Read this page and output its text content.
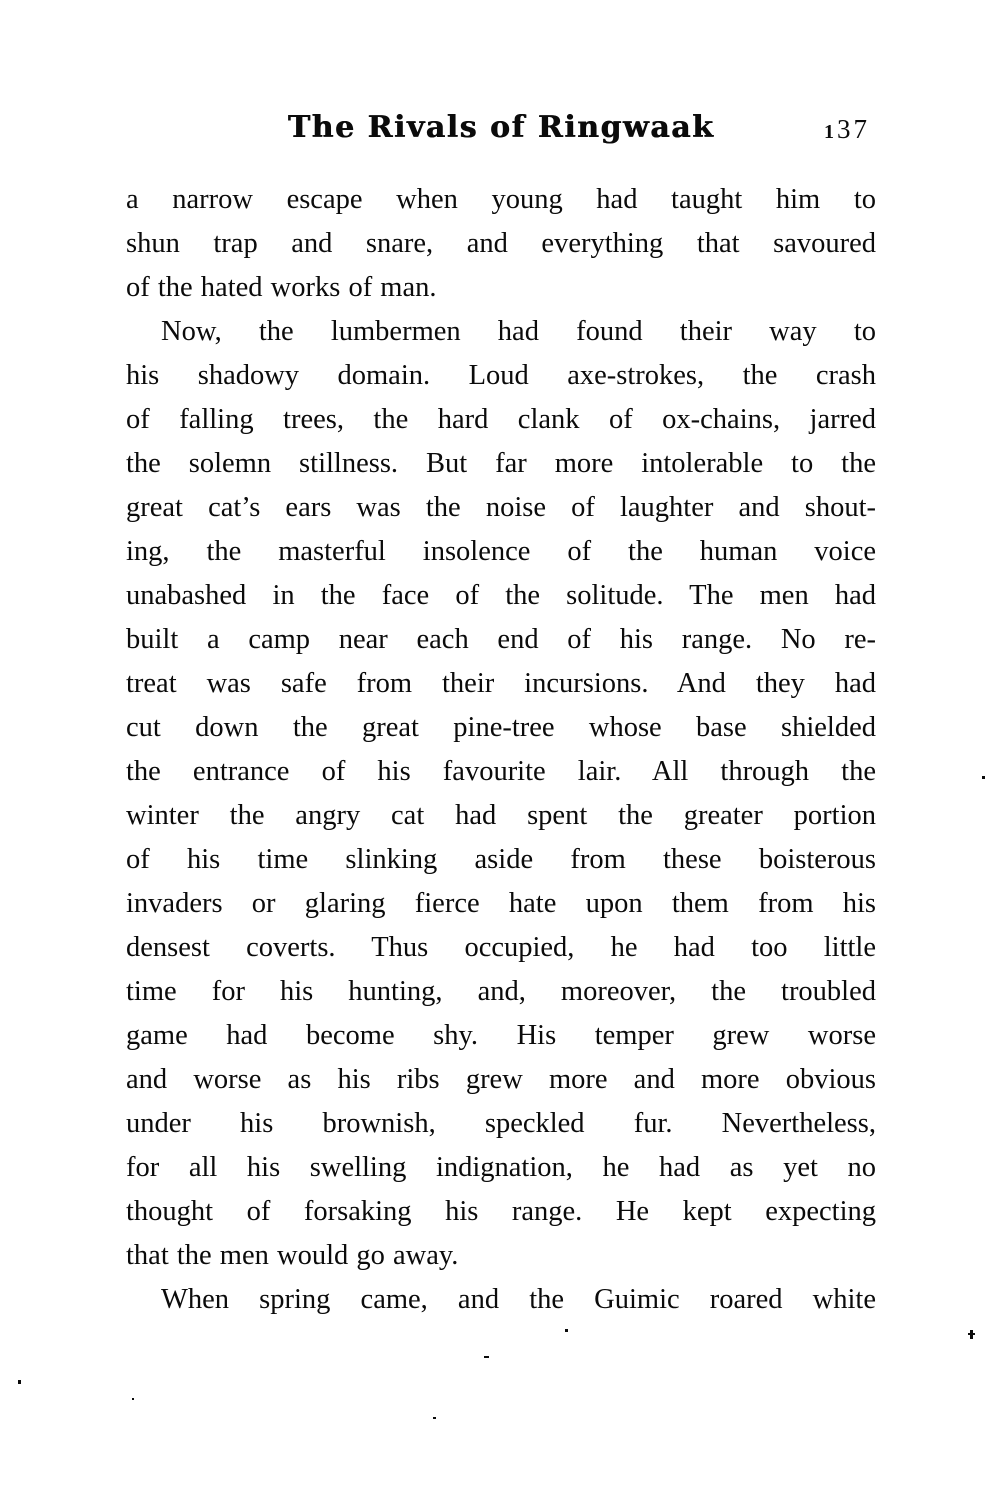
The Rivals of Ringwaak	137
a narrow escape when young had taught him to
shun trap and snare, and everything that savoured
of the hated works of man.
Now, the lumbermen had found their way to
his shadowy domain. Loud axe-strokes, the crash
of falling trees, the hard clank of ox-chains, jarred
the solemn stillness. But far more intolerable to the
great cat’s ears was the noise of laughter and shout-
ing, the masterful insolence of the human voice
unabashed in the face of the solitude. The men had
built a camp near each end of his range. No re-
treat was safe from their incursions. And they had
cut down the great pine-tree whose base shielded
the entrance of his favourite lair. All through the
winter the angry cat had spent the greater portion
of his time slinking aside from these boisterous
invaders or glaring fierce hate upon them from his
densest coverts. Thus occupied, he had too little
time for his hunting, and, moreover, the troubled
game had become shy. His temper grew worse
and worse as his ribs grew more and more obvious
under his brownish, speckled fur. Nevertheless,
for all his swelling indignation, he had as yet no
thought of forsaking his range. He kept expecting
that the men would go away.
When spring came, and the Guimic roared white
